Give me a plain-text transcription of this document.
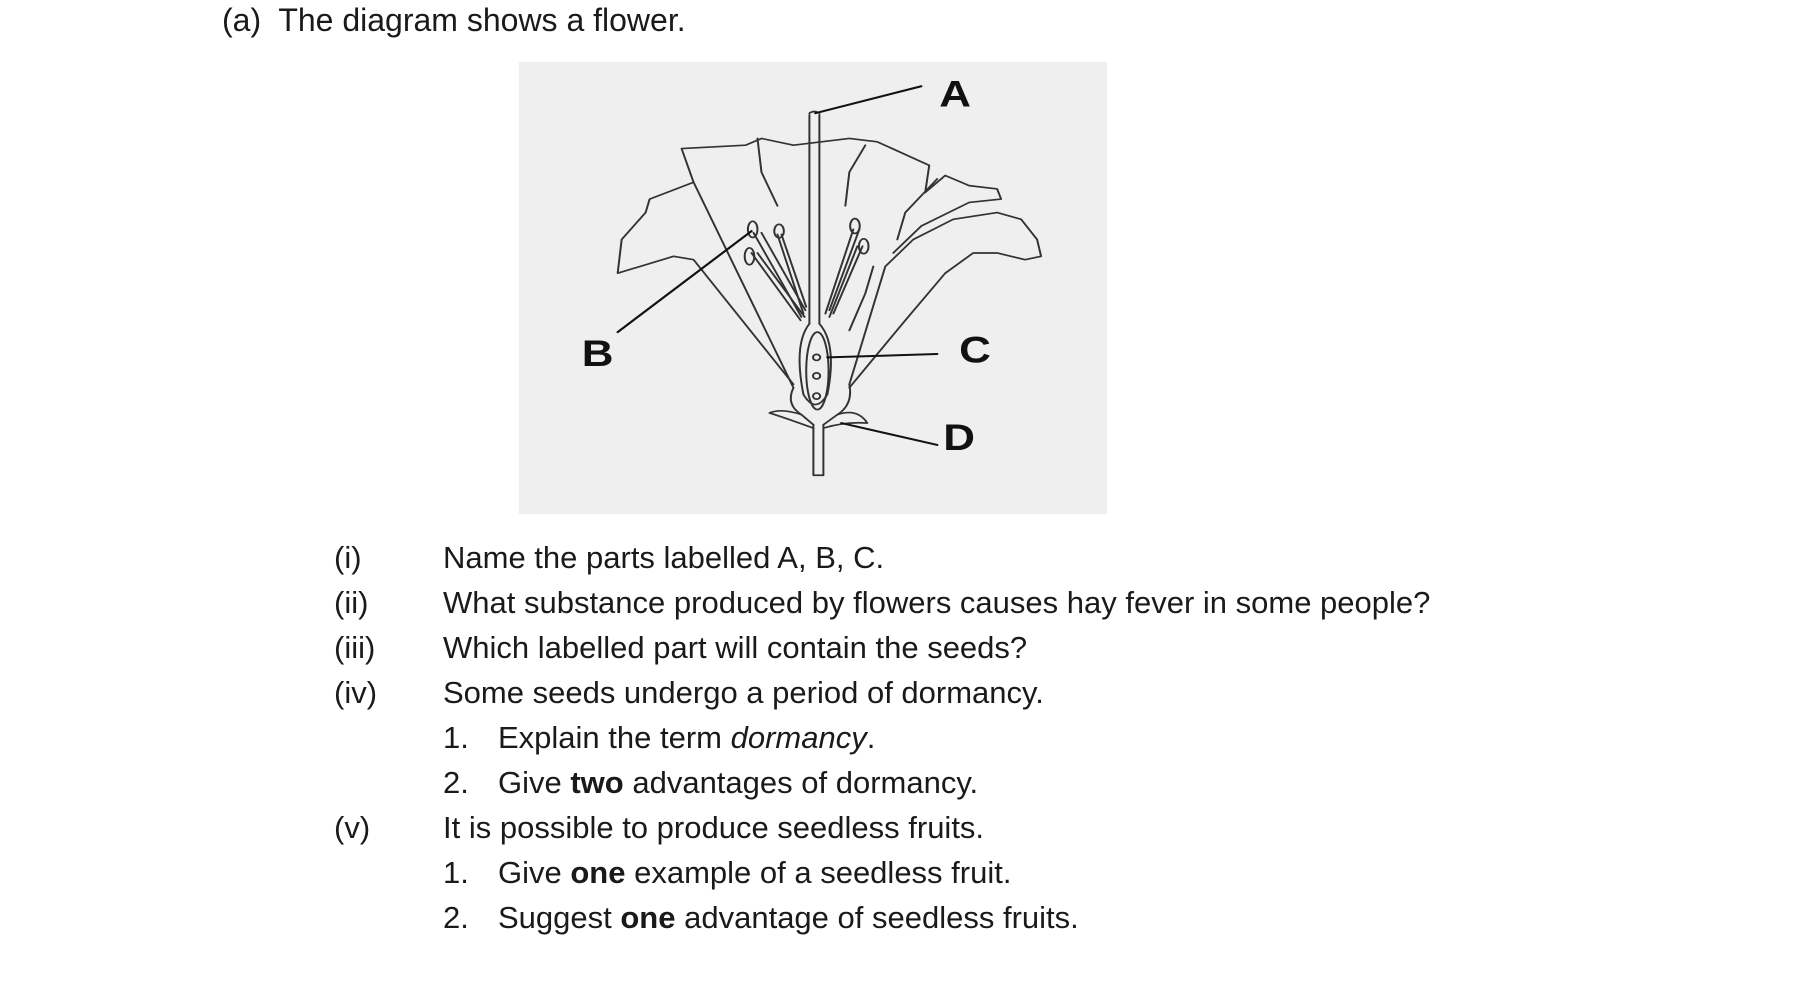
(a) The diagram shows a flower.
A
B	C
D
(i)	Name the parts labelled A, B, C.
(ii) What substance produced by flowers causes hay fever in some people?
(iii) Which labelled part will contain the seeds?
(iv) Some seeds undergo a period of dormancy.
1. Explain the term dormancy.
2. Give two advantages of dormancy.
(v) It is possible to produce seedless fruits.
1. Give one example of a seedless fruit.
2. Suggest one advantage of seedless fruits.
